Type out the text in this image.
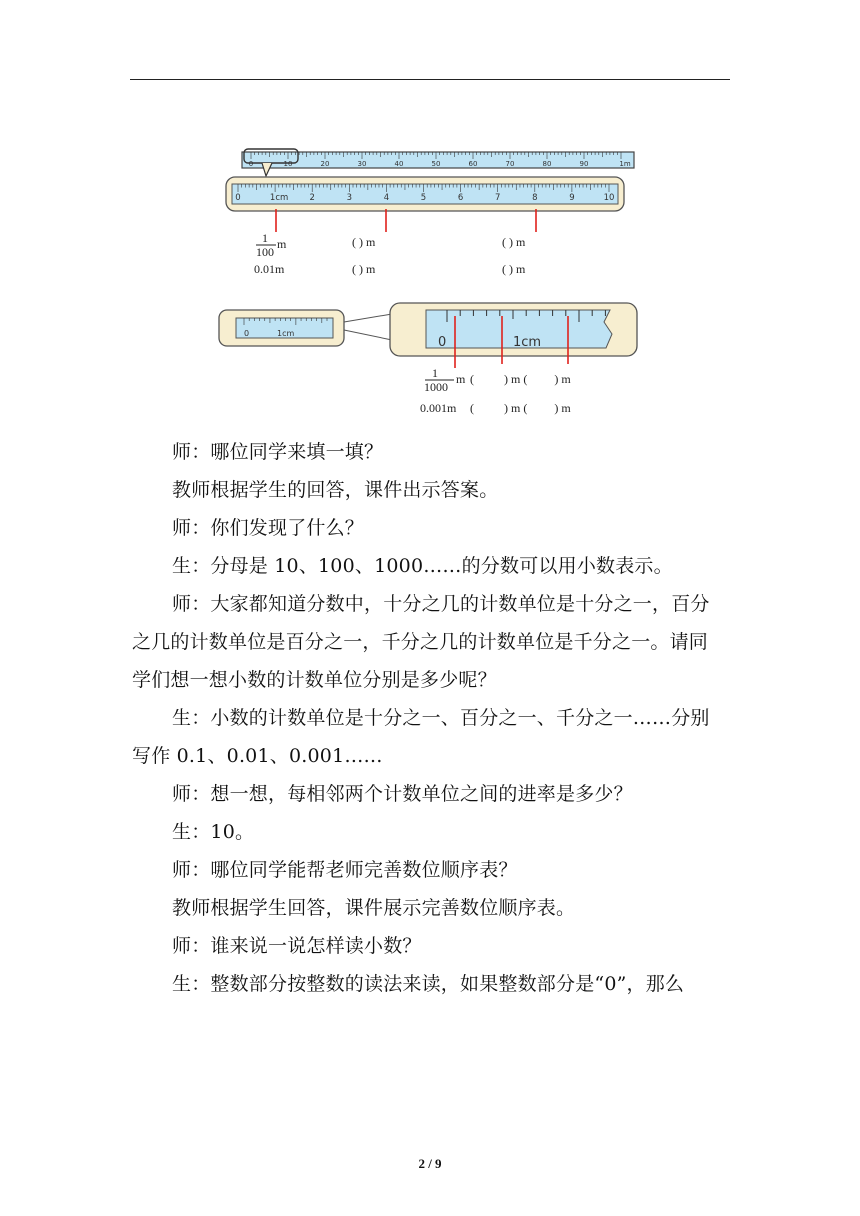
0	10	20	30	40	50	60	70	80	90	1m
0	1cm 2	3	4	5	6	7	8	9	10
1
100
m	( ) m	( ) m
0.01m	( ) m	( ) m
0	1cm
0	1cm
1
1000
m (          ) m (         ) m
0.001m (          ) m (         ) m
师：哪位同学来填一填？
教师根据学生的回答，课件出示答案。
师：你们发现了什么？
生：分母是 10、100、1000……的分数可以用小数表示。
师：大家都知道分数中，十分之几的计数单位是十分之一，百分
之几的计数单位是百分之一，千分之几的计数单位是千分之一。请同
学们想一想小数的计数单位分别是多少呢？
生：小数的计数单位是十分之一、百分之一、千分之一……分别
写作 0.1、0.01、0.001……
师：想一想，每相邻两个计数单位之间的进率是多少？
生：10。
师：哪位同学能帮老师完善数位顺序表？
教师根据学生回答，课件展示完善数位顺序表。
师：谁来说一说怎样读小数？
生：整数部分按整数的读法来读，如果整数部分是“0”，那么
2 / 9
